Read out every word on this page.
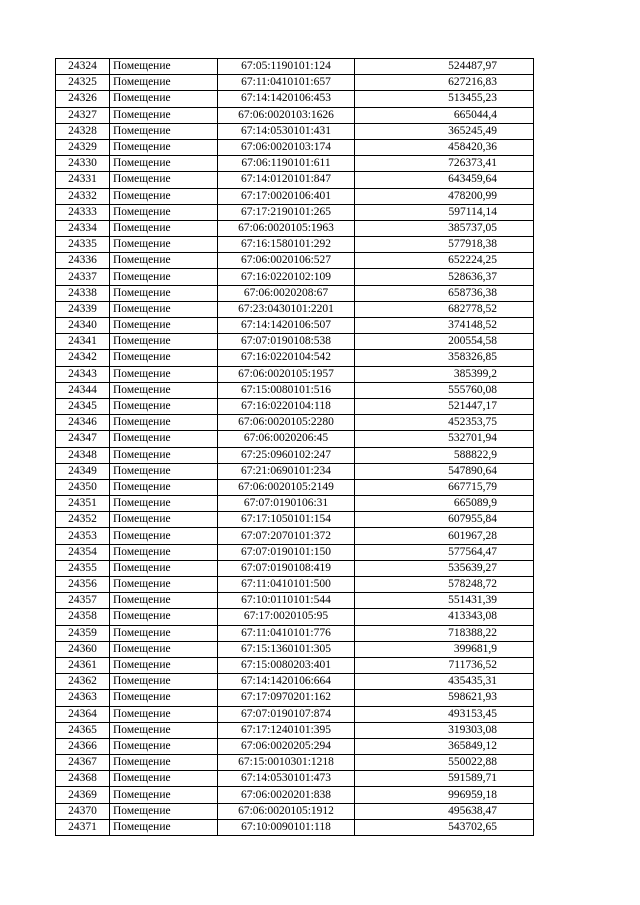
24324	Помещение	67:05:1190101:124	524487,97
24325	Помещение	67:11:0410101:657	627216,83
24326	Помещение	67:14:1420106:453	513455,23
24327	Помещение	67:06:0020103:1626	665044,4
24328	Помещение	67:14:0530101:431	365245,49
24329	Помещение	67:06:0020103:174	458420,36
24330	Помещение	67:06:1190101:611	726373,41
24331	Помещение	67:14:0120101:847	643459,64
24332	Помещение	67:17:0020106:401	478200,99
24333	Помещение	67:17:2190101:265	597114,14
24334	Помещение	67:06:0020105:1963	385737,05
24335	Помещение	67:16:1580101:292	577918,38
24336	Помещение	67:06:0020106:527	652224,25
24337	Помещение	67:16:0220102:109	528636,37
24338	Помещение	67:06:0020208:67	658736,38
24339	Помещение	67:23:0430101:2201	682778,52
24340	Помещение	67:14:1420106:507	374148,52
24341	Помещение	67:07:0190108:538	200554,58
24342	Помещение	67:16:0220104:542	358326,85
24343	Помещение	67:06:0020105:1957	385399,2
24344	Помещение	67:15:0080101:516	555760,08
24345	Помещение	67:16:0220104:118	521447,17
24346	Помещение	67:06:0020105:2280	452353,75
24347	Помещение	67:06:0020206:45	532701,94
24348	Помещение	67:25:0960102:247	588822,9
24349	Помещение	67:21:0690101:234	547890,64
24350	Помещение	67:06:0020105:2149	667715,79
24351	Помещение	67:07:0190106:31	665089,9
24352	Помещение	67:17:1050101:154	607955,84
24353	Помещение	67:07:2070101:372	601967,28
24354	Помещение	67:07:0190101:150	577564,47
24355	Помещение	67:07:0190108:419	535639,27
24356	Помещение	67:11:0410101:500	578248,72
24357	Помещение	67:10:0110101:544	551431,39
24358	Помещение	67:17:0020105:95	413343,08
24359	Помещение	67:11:0410101:776	718388,22
24360	Помещение	67:15:1360101:305	399681,9
24361	Помещение	67:15:0080203:401	711736,52
24362	Помещение	67:14:1420106:664	435435,31
24363	Помещение	67:17:0970201:162	598621,93
24364	Помещение	67:07:0190107:874	493153,45
24365	Помещение	67:17:1240101:395	319303,08
24366	Помещение	67:06:0020205:294	365849,12
24367	Помещение	67:15:0010301:1218	550022,88
24368	Помещение	67:14:0530101:473	591589,71
24369	Помещение	67:06:0020201:838	996959,18
24370	Помещение	67:06:0020105:1912	495638,47
24371	Помещение	67:10:0090101:118	543702,65
